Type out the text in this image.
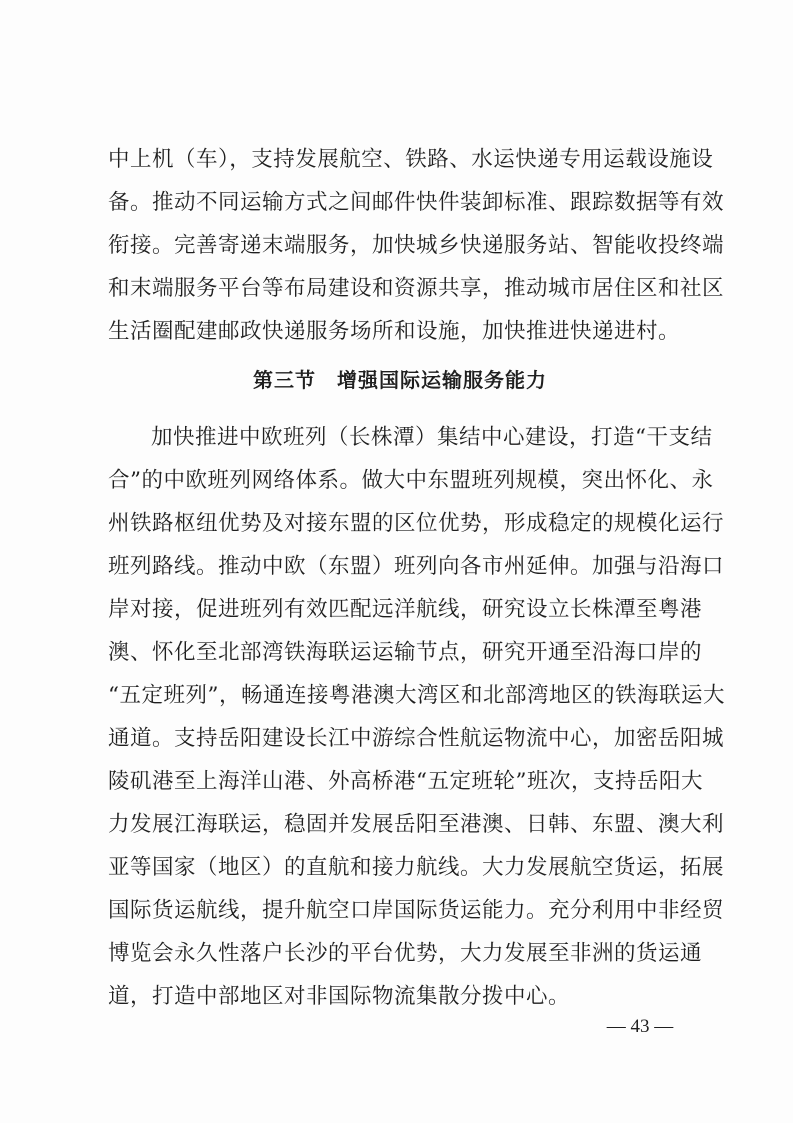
中上机（车），支持发展航空、铁路、水运快递专用运载设施设
备。推动不同运输方式之间邮件快件装卸标准、跟踪数据等有效
衔接。完善寄递末端服务，加快城乡快递服务站、智能收投终端
和末端服务平台等布局建设和资源共享，推动城市居住区和社区
生活圈配建邮政快递服务场所和设施，加快推进快递进村。
第三节　增强国际运输服务能力
加快推进中欧班列（长株潭）集结中心建设，打造“干支结
合”的中欧班列网络体系。做大中东盟班列规模，突出怀化、永
州铁路枢纽优势及对接东盟的区位优势，形成稳定的规模化运行
班列路线。推动中欧（东盟）班列向各市州延伸。加强与沿海口
岸对接，促进班列有效匹配远洋航线，研究设立长株潭至粤港
澳、怀化至北部湾铁海联运运输节点，研究开通至沿海口岸的
“五定班列”，畅通连接粤港澳大湾区和北部湾地区的铁海联运大
通道。支持岳阳建设长江中游综合性航运物流中心，加密岳阳城
陵矶港至上海洋山港、外高桥港“五定班轮”班次，支持岳阳大
力发展江海联运，稳固并发展岳阳至港澳、日韩、东盟、澳大利
亚等国家（地区）的直航和接力航线。大力发展航空货运，拓展
国际货运航线，提升航空口岸国际货运能力。充分利用中非经贸
博览会永久性落户长沙的平台优势，大力发展至非洲的货运通
道，打造中部地区对非国际物流集散分拨中心。
— 43 —
